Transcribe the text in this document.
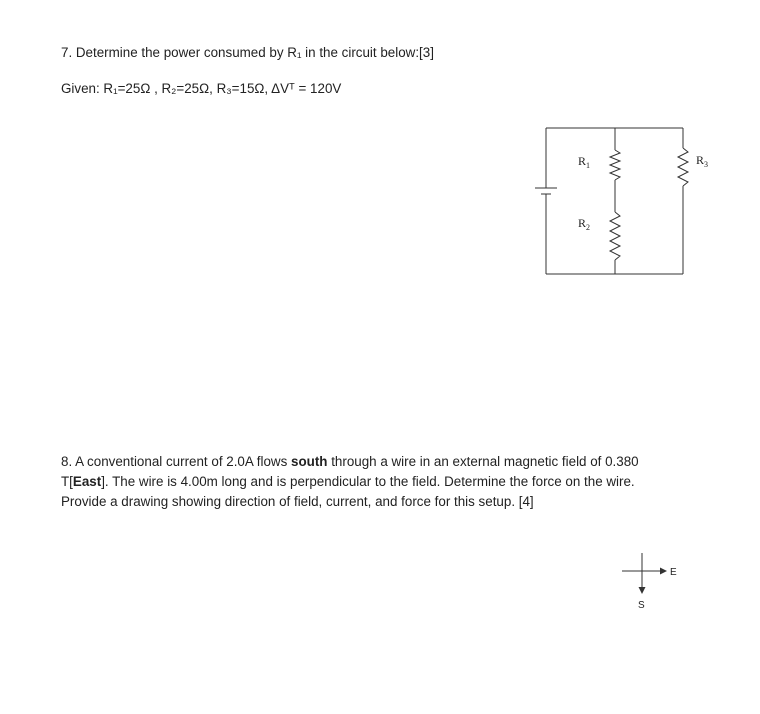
7. Determine the power consumed by R₁ in the circuit below:[3]
Given: R₁=25Ω , R₂=25Ω, R₃=15Ω, ΔVᵀ = 120V
R 1
R 2
R 3
E
S
8. A conventional current of 2.0A flows south through a wire in an external magnetic field of 0.380
T[East]. The wire is 4.00m long and is perpendicular to the field. Determine the force on the wire.
Provide a drawing showing direction of field, current, and force for this setup. [4]
